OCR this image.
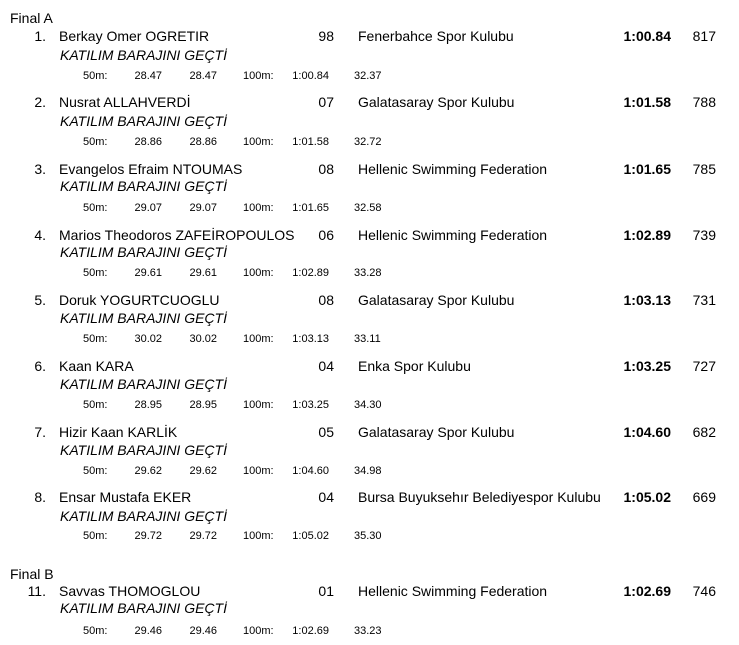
Final A
1. Berkay Omer OGRETIR	98 Fenerbahce Spor Kulubu	1:00.84	817
KATILIM BARAJINI GEÇTİ
50m:	28.47	28.47 100m:	1:00.84 32.37
2. Nusrat ALLAHVERDİ	07 Galatasaray Spor Kulubu	1:01.58	788
KATILIM BARAJINI GEÇTİ
50m:	28.86	28.86 100m:	1:01.58 32.72
3. Evangelos Efraim NTOUMAS	08 Hellenic Swimming Federation	1:01.65	785
KATILIM BARAJINI GEÇTİ
50m:	29.07	29.07 100m:	1:01.65 32.58
4. Marios Theodoros ZAFEİROPOULOS	06 Hellenic Swimming Federation	1:02.89	739
KATILIM BARAJINI GEÇTİ
50m:	29.61	29.61 100m:	1:02.89 33.28
5. Doruk YOGURTCUOGLU	08 Galatasaray Spor Kulubu	1:03.13	731
KATILIM BARAJINI GEÇTİ
50m:	30.02	30.02 100m:	1:03.13 33.11
6. Kaan KARA	04 Enka Spor Kulubu	1:03.25	727
KATILIM BARAJINI GEÇTİ
50m:	28.95	28.95 100m:	1:03.25 34.30
7. Hizir Kaan KARLİK	05 Galatasaray Spor Kulubu	1:04.60	682
KATILIM BARAJINI GEÇTİ
50m:	29.62	29.62 100m:	1:04.60 34.98
8. Ensar Mustafa EKER	04 Bursa Buyuksehır Belediyespor Kulubu	1:05.02	669
KATILIM BARAJINI GEÇTİ
50m:	29.72	29.72 100m:	1:05.02 35.30
Final B
11. Savvas THOMOGLOU	01 Hellenic Swimming Federation	1:02.69	746
KATILIM BARAJINI GEÇTİ
50m:	29.46	29.46 100m:	1:02.69 33.23
